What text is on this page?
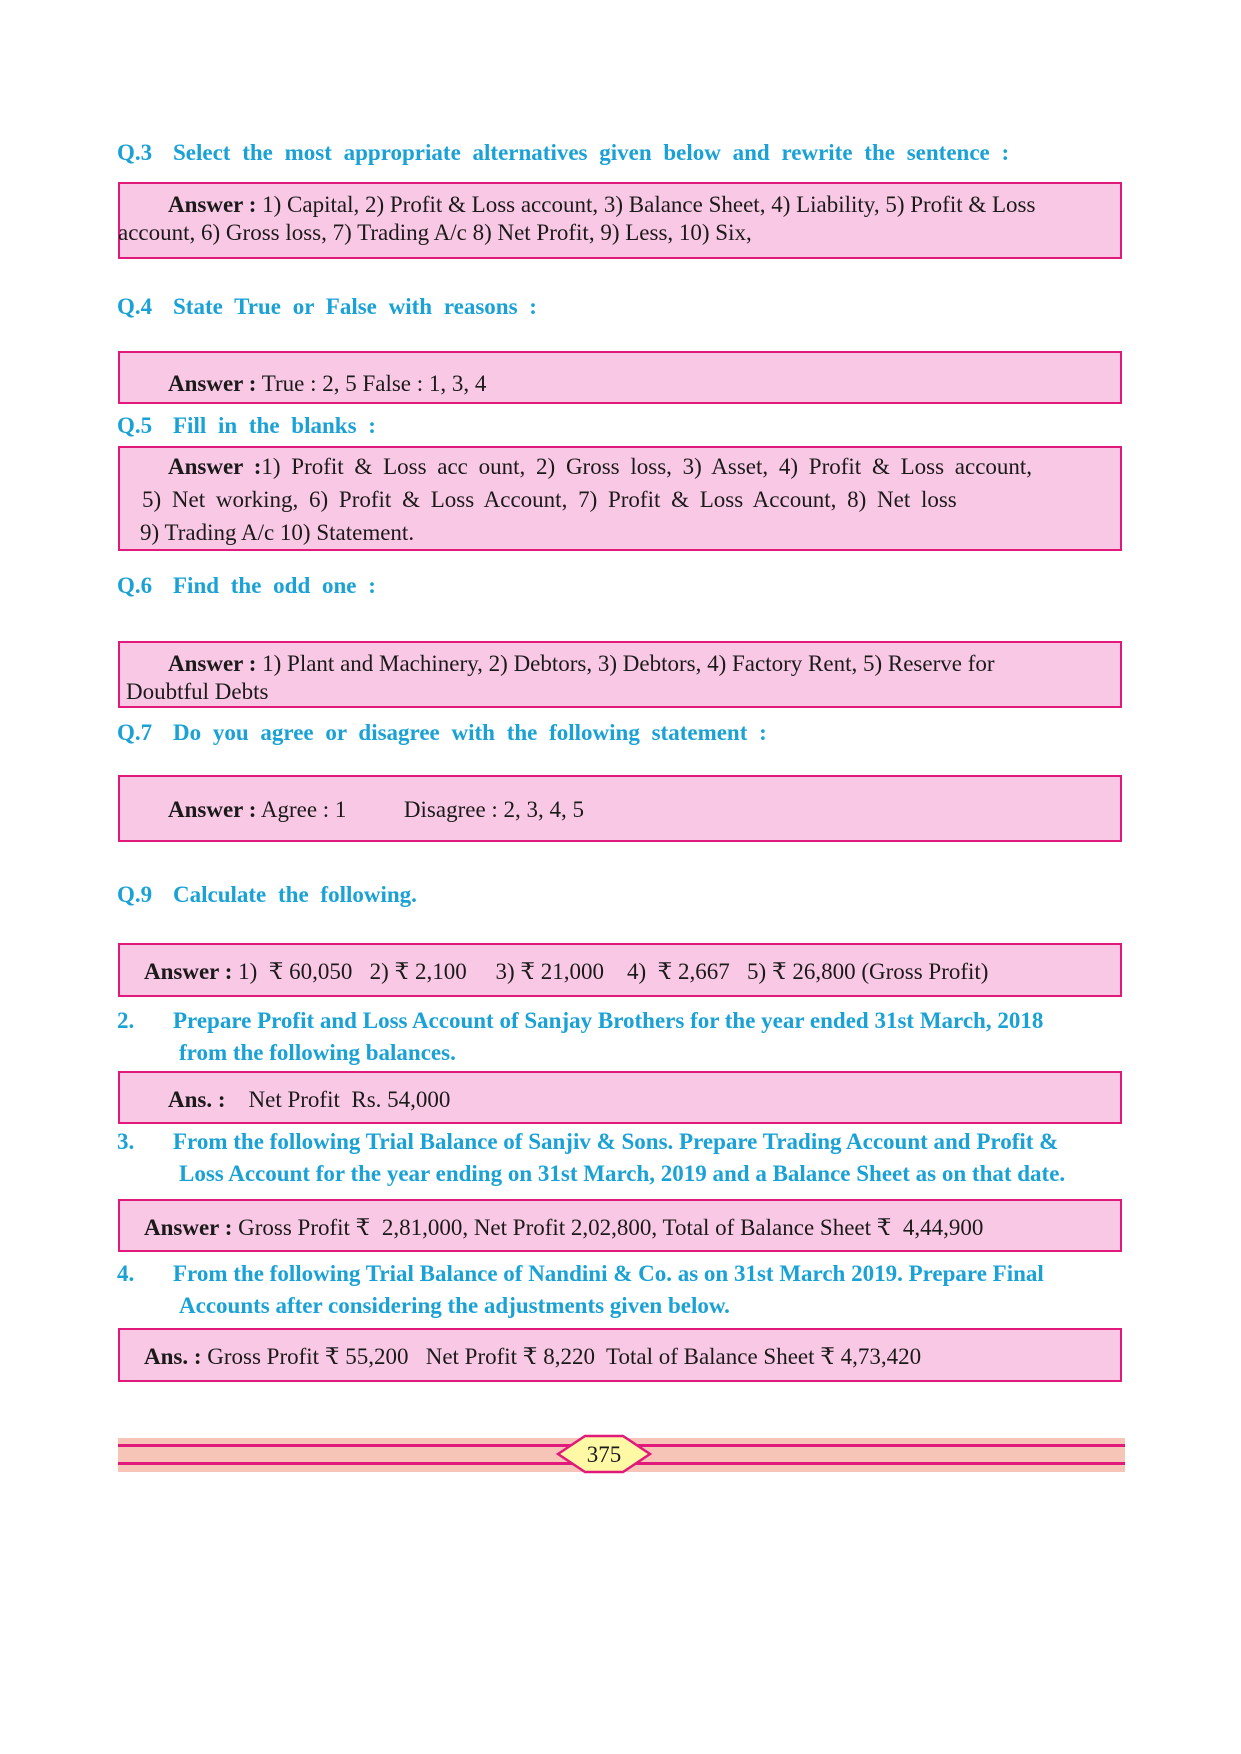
Q.3 Select the most appropriate alternatives given below and rewrite the sentence :
Answer : 1) Capital, 2) Profit & Loss account, 3) Balance Sheet, 4) Liability, 5) Profit & Loss
account, 6) Gross loss, 7) Trading A/c 8) Net Profit, 9) Less, 10) Six,
Q.4 State True or False with reasons :
Answer : True : 2, 5 False : 1, 3, 4
Q.5 Fill in the blanks :
Answer :1) Profit & Loss acc ount, 2) Gross loss, 3) Asset, 4) Profit & Loss account,
5) Net working, 6) Profit & Loss Account, 7) Profit & Loss Account, 8) Net loss
9) Trading A/c 10) Statement.
Q.6 Find the odd one :
Answer : 1) Plant and Machinery, 2) Debtors, 3) Debtors, 4) Factory Rent, 5) Reserve for
Doubtful Debts
Q.7 Do you agree or disagree with the following statement :
Answer : Agree : 1          Disagree : 2, 3, 4, 5
Q.9 Calculate the following.
Answer : 1)  ₹ 60,050   2) ₹ 2,100     3) ₹ 21,000    4)  ₹ 2,667   5) ₹ 26,800 (Gross Profit)
2. Prepare Profit and Loss Account of Sanjay Brothers for the year ended 31st March, 2018
from the following balances.
Ans. : Net Profit  Rs. 54,000
3. From the following Trial Balance of Sanjiv & Sons. Prepare Trading Account and Profit &
Loss Account for the year ending on 31st March, 2019 and a Balance Sheet as on that date.
Answer : Gross Profit ₹  2,81,000, Net Profit 2,02,800, Total of Balance Sheet ₹  4,44,900
4. From the following Trial Balance of Nandini & Co. as on 31st March 2019. Prepare Final
Accounts after considering the adjustments given below.
Ans. : Gross Profit ₹ 55,200   Net Profit ₹ 8,220  Total of Balance Sheet ₹ 4,73,420
375
